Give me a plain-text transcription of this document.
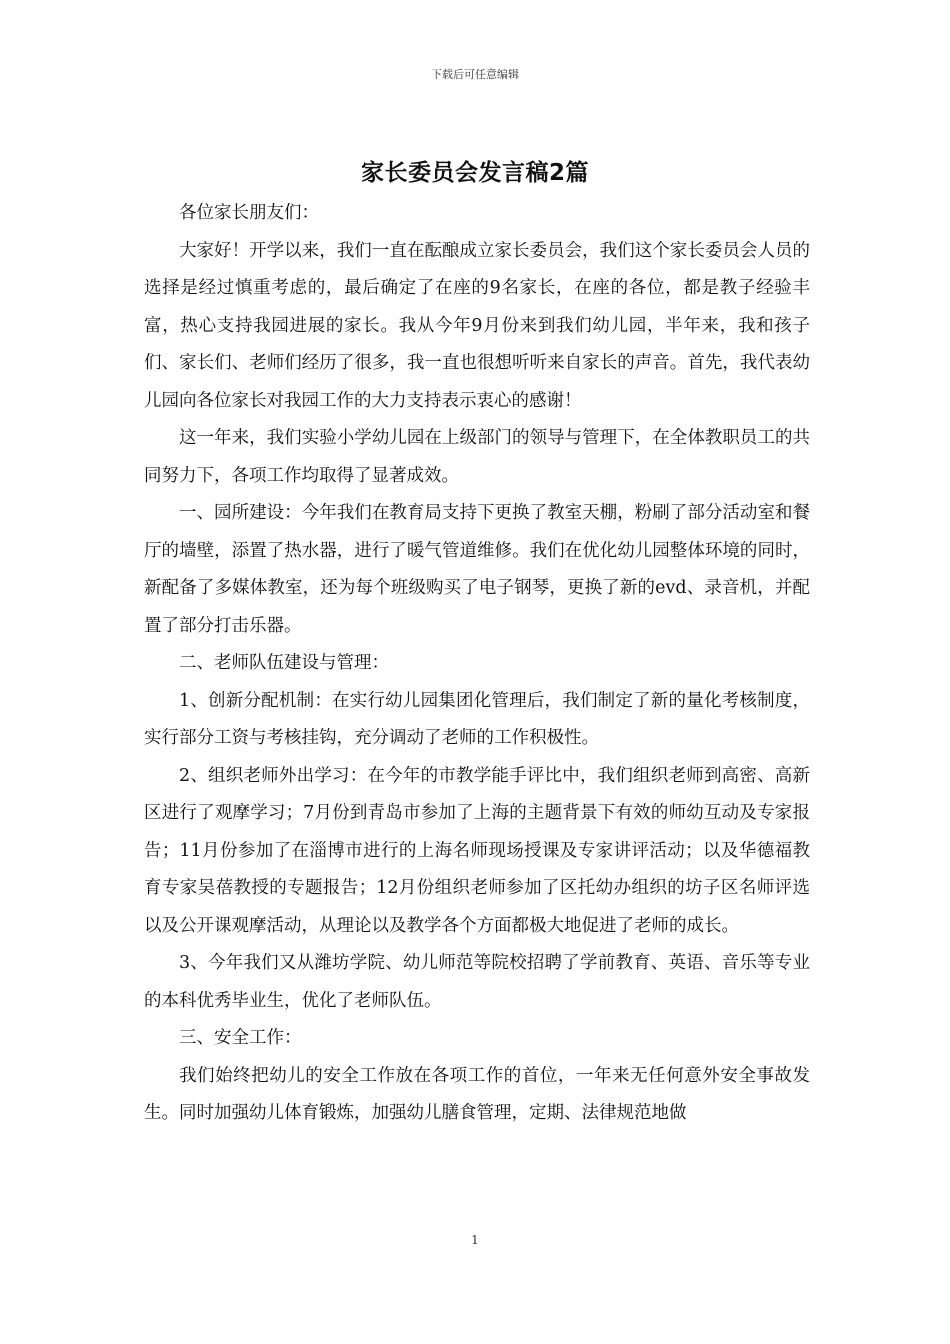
下载后可任意编辑
家长委员会发言稿2篇

各位家长朋友们：

大家好！开学以来，我们一直在酝酿成立家长委员会，我们这个家长委员会人员的选择是经过慎重考虑的，最后确定了在座的9名家长，在座的各位，都是教子经验丰富，热心支持我园进展的家长。我从今年9月份来到我们幼儿园，半年来，我和孩子们、家长们、老师们经历了很多，我一直也很想听听来自家长的声音。首先，我代表幼儿园向各位家长对我园工作的大力支持表示衷心的感谢！

这一年来，我们实验小学幼儿园在上级部门的领导与管理下，在全体教职员工的共同努力下，各项工作均取得了显著成效。

一、园所建设：今年我们在教育局支持下更换了教室天棚，粉刷了部分活动室和餐厅的墙壁，添置了热水器，进行了暖气管道维修。我们在优化幼儿园整体环境的同时，新配备了多媒体教室，还为每个班级购买了电子钢琴，更换了新的evd、录音机，并配置了部分打击乐器。

二、老师队伍建设与管理：

1、创新分配机制：在实行幼儿园集团化管理后，我们制定了新的量化考核制度，实行部分工资与考核挂钩，充分调动了老师的工作积极性。

2、组织老师外出学习：在今年的市教学能手评比中，我们组织老师到高密、高新区进行了观摩学习；7月份到青岛市参加了上海的主题背景下有效的师幼互动及专家报告；11月份参加了在淄博市进行的上海名师现场授课及专家讲评活动；以及华德福教育专家吴蓓教授的专题报告；12月份组织老师参加了区托幼办组织的坊子区名师评选以及公开课观摩活动，从理论以及教学各个方面都极大地促进了老师的成长。

3、今年我们又从潍坊学院、幼儿师范等院校招聘了学前教育、英语、音乐等专业的本科优秀毕业生，优化了老师队伍。

三、安全工作：

我们始终把幼儿的安全工作放在各项工作的首位，一年来无任何意外安全事故发生。同时加强幼儿体育锻炼，加强幼儿膳食管理，定期、法律规范地做

1
